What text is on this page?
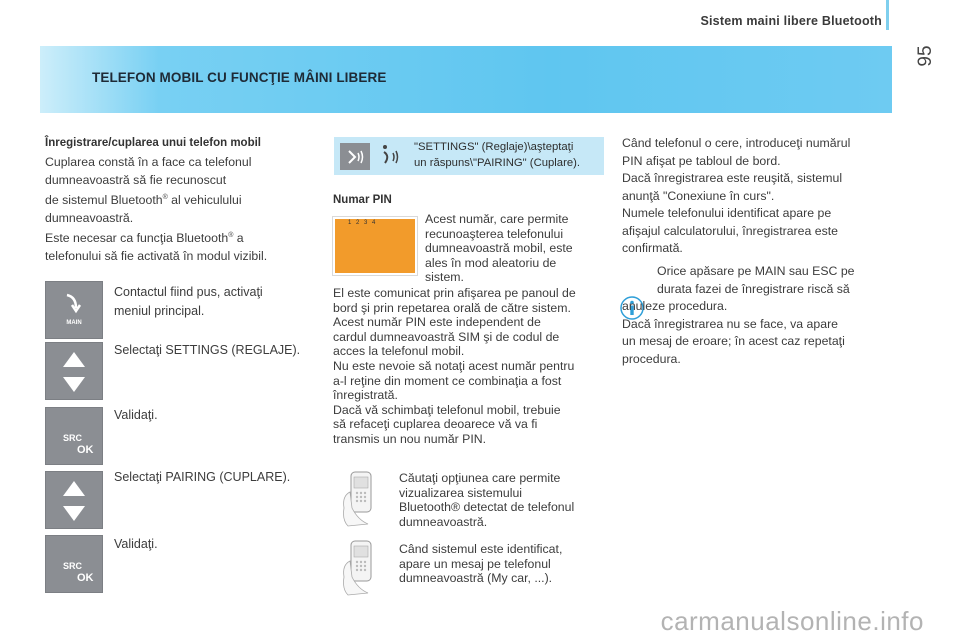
Sistem maini libere Bluetooth
95
TELEFON MOBIL CU FUNCŢIE MÂINI LIBERE
Înregistrare/cuplarea unui telefon mobil
Cuplarea constă în a face ca telefonul
dumneavoastră să fie recunoscut
de sistemul Bluetooth® al vehiculului
dumneavoastră.
Este necesar ca funcţia Bluetooth® a
telefonului să fie activată în modul vizibil.
MAIN
Contactul fiind pus, activaţi
meniul principal.
Selectaţi SETTINGS (REGLAJE).
SRC
OK
Validaţi.
Selectaţi PAIRING (CUPLARE).
SRC
OK
Validaţi.
"SETTINGS" (Reglaje)\aşteptaţi
un răspuns\"PAIRING" (Cuplare).
Numar PIN
1 2 3 4	Acest număr, care permite
recunoaşterea telefonului
dumneavoastră mobil, este
ales în mod aleatoriu de
sistem.
El este comunicat prin afişarea pe panoul de
bord şi prin repetarea orală de către sistem.
Acest număr PIN este independent de
cardul dumneavoastră SIM şi de codul de
acces la telefonul mobil.
Nu este nevoie să notaţi acest număr pentru
a-l reţine din moment ce combinaţia a fost
înregistrată.
Dacă vă schimbaţi telefonul mobil, trebuie
să refaceţi cuplarea deoarece vă va fi
transmis un nou număr PIN.
Căutaţi opţiunea care permite
vizualizarea sistemului
Bluetooth® detectat de telefonul
dumneavoastră.
Când sistemul este identificat,
apare un mesaj pe telefonul
dumneavoastră (My car, ...).
Când telefonul o cere, introduceţi numărul
PIN afişat pe tabloul de bord.
Dacă înregistrarea este reuşită, sistemul
anunţă "Conexiune în curs".
Numele telefonului identificat apare pe
afişajul calculatorului, înregistrarea este
confirmată.
Orice apăsare pe MAIN sau ESC pe
durata fazei de înregistrare riscă să
anuleze procedura.
Dacă înregistrarea nu se face, va apare
un mesaj de eroare; în acest caz repetaţi
procedura.
carmanualsonline.info
